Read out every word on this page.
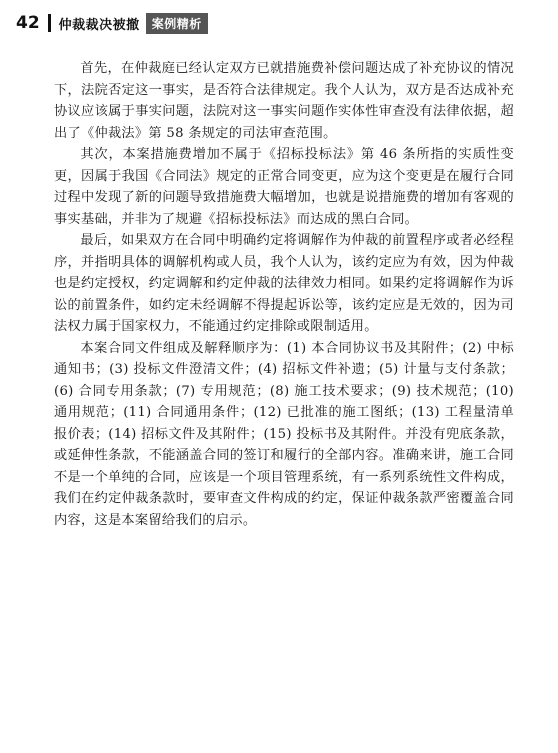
42 仲裁裁决被撤	案例精析

首先，在仲裁庭已经认定双方已就措施费补偿问题达成了补充协议的情况下，法院否定这一事实，是否符合法律规定。我个人认为，双方是否达成补充协议应该属于事实问题，法院对这一事实问题作实体性审查没有法律依据，超出了《仲裁法》第 58 条规定的司法审查范围。

其次，本案措施费增加不属于《招标投标法》第 46 条所指的实质性变更，因属于我国《合同法》规定的正常合同变更，应为这个变更是在履行合同过程中发现了新的问题导致措施费大幅增加，也就是说措施费的增加有客观的事实基础，并非为了规避《招标投标法》而达成的黑白合同。

最后，如果双方在合同中明确约定将调解作为仲裁的前置程序或者必经程序，并指明具体的调解机构或人员，我个人认为，该约定应为有效，因为仲裁也是约定授权，约定调解和约定仲裁的法律效力相同。如果约定将调解作为诉讼的前置条件，如约定未经调解不得提起诉讼等，该约定应是无效的，因为司法权力属于国家权力，不能通过约定排除或限制适用。

本案合同文件组成及解释顺序为：(1) 本合同协议书及其附件；(2) 中标通知书；(3) 投标文件澄清文件；(4) 招标文件补遗；(5) 计量与支付条款；(6) 合同专用条款；(7) 专用规范；(8) 施工技术要求；(9) 技术规范；(10) 通用规范；(11) 合同通用条件；(12) 已批准的施工图纸；(13) 工程量清单报价表；(14) 招标文件及其附件；(15) 投标书及其附件。并没有兜底条款，或延伸性条款，不能涵盖合同的签订和履行的全部内容。准确来讲，施工合同不是一个单纯的合同，应该是一个项目管理系统，有一系列系统性文件构成，我们在约定仲裁条款时，要审查文件构成的约定，保证仲裁条款严密覆盖合同内容，这是本案留给我们的启示。
